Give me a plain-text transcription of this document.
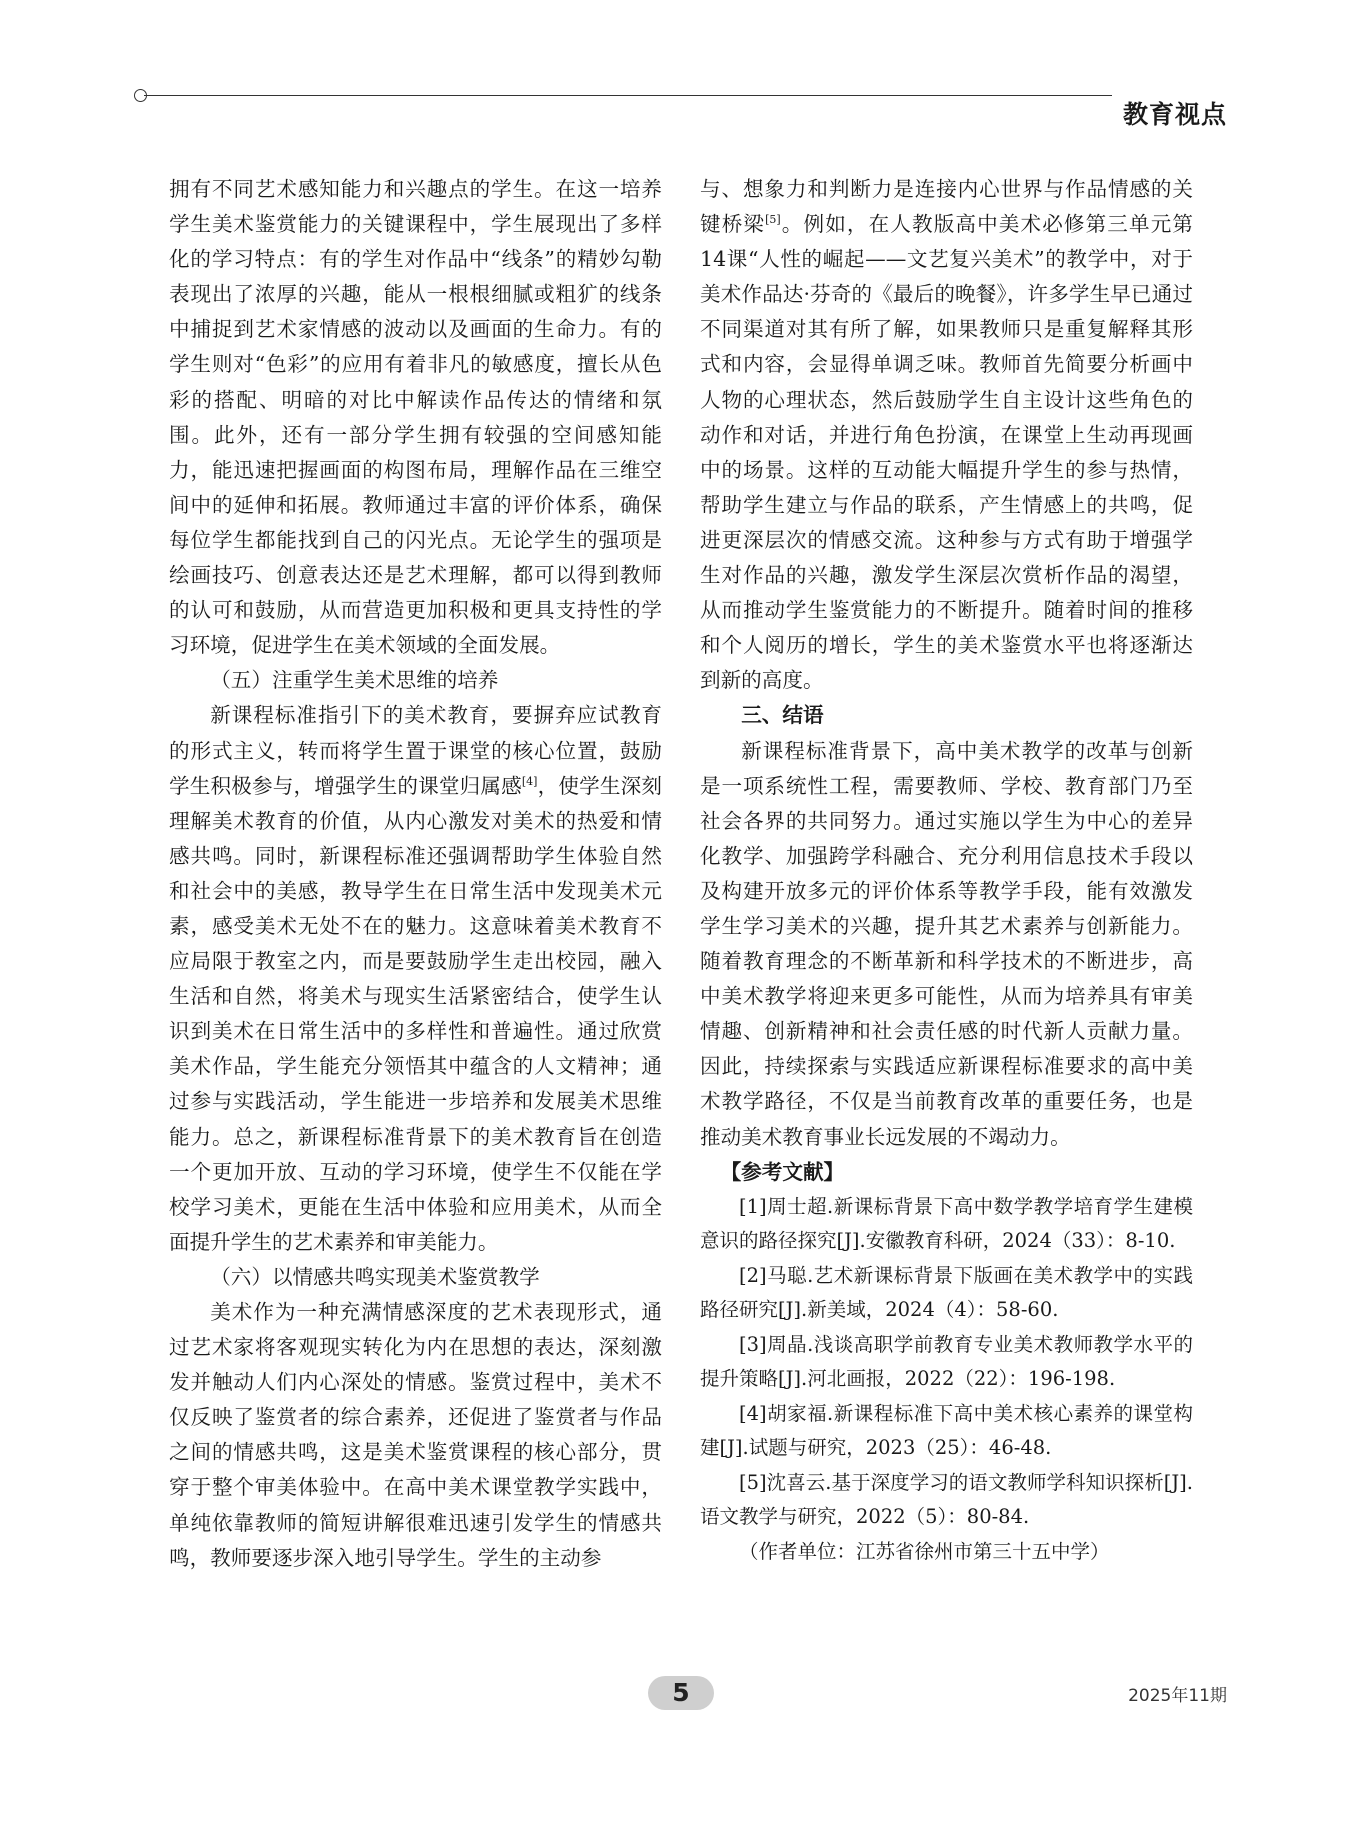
教育视点

拥有不同艺术感知能力和兴趣点的学生。在这一培养学生美术鉴赏能力的关键课程中，学生展现出了多样化的学习特点：有的学生对作品中“线条”的精妙勾勒表现出了浓厚的兴趣，能从一根根细腻或粗犷的线条中捕捉到艺术家情感的波动以及画面的生命力。有的学生则对“色彩”的应用有着非凡的敏感度，擅长从色彩的搭配、明暗的对比中解读作品传达的情绪和氛围。此外，还有一部分学生拥有较强的空间感知能力，能迅速把握画面的构图布局，理解作品在三维空间中的延伸和拓展。教师通过丰富的评价体系，确保每位学生都能找到自己的闪光点。无论学生的强项是绘画技巧、创意表达还是艺术理解，都可以得到教师的认可和鼓励，从而营造更加积极和更具支持性的学习环境，促进学生在美术领域的全面发展。

（五）注重学生美术思维的培养

新课程标准指引下的美术教育，要摒弃应试教育的形式主义，转而将学生置于课堂的核心位置，鼓励学生积极参与，增强学生的课堂归属感[4]，使学生深刻理解美术教育的价值，从内心激发对美术的热爱和情感共鸣。同时，新课程标准还强调帮助学生体验自然和社会中的美感，教导学生在日常生活中发现美术元素，感受美术无处不在的魅力。这意味着美术教育不应局限于教室之内，而是要鼓励学生走出校园，融入生活和自然，将美术与现实生活紧密结合，使学生认识到美术在日常生活中的多样性和普遍性。通过欣赏美术作品，学生能充分领悟其中蕴含的人文精神；通过参与实践活动，学生能进一步培养和发展美术思维能力。总之，新课程标准背景下的美术教育旨在创造一个更加开放、互动的学习环境，使学生不仅能在学校学习美术，更能在生活中体验和应用美术，从而全面提升学生的艺术素养和审美能力。

（六）以情感共鸣实现美术鉴赏教学

美术作为一种充满情感深度的艺术表现形式，通过艺术家将客观现实转化为内在思想的表达，深刻激发并触动人们内心深处的情感。鉴赏过程中，美术不仅反映了鉴赏者的综合素养，还促进了鉴赏者与作品之间的情感共鸣，这是美术鉴赏课程的核心部分，贯穿于整个审美体验中。在高中美术课堂教学实践中，单纯依靠教师的简短讲解很难迅速引发学生的情感共鸣，教师要逐步深入地引导学生。学生的主动参

与、想象力和判断力是连接内心世界与作品情感的关键桥梁[5]。例如，在人教版高中美术必修第三单元第14课“人性的崛起——文艺复兴美术”的教学中，对于美术作品达·芬奇的《最后的晚餐》，许多学生早已通过不同渠道对其有所了解，如果教师只是重复解释其形式和内容，会显得单调乏味。教师首先简要分析画中人物的心理状态，然后鼓励学生自主设计这些角色的动作和对话，并进行角色扮演，在课堂上生动再现画中的场景。这样的互动能大幅提升学生的参与热情，帮助学生建立与作品的联系，产生情感上的共鸣，促进更深层次的情感交流。这种参与方式有助于增强学生对作品的兴趣，激发学生深层次赏析作品的渴望，从而推动学生鉴赏能力的不断提升。随着时间的推移和个人阅历的增长，学生的美术鉴赏水平也将逐渐达到新的高度。

三、结语

新课程标准背景下，高中美术教学的改革与创新是一项系统性工程，需要教师、学校、教育部门乃至社会各界的共同努力。通过实施以学生为中心的差异化教学、加强跨学科融合、充分利用信息技术手段以及构建开放多元的评价体系等教学手段，能有效激发学生学习美术的兴趣，提升其艺术素养与创新能力。随着教育理念的不断革新和科学技术的不断进步，高中美术教学将迎来更多可能性，从而为培养具有审美情趣、创新精神和社会责任感的时代新人贡献力量。因此，持续探索与实践适应新课程标准要求的高中美术教学路径，不仅是当前教育改革的重要任务，也是推动美术教育事业长远发展的不竭动力。

【参考文献】

[1]周士超.新课标背景下高中数学教学培育学生建模意识的路径探究[J].安徽教育科研，2024（33）：8-10.

[2]马聪.艺术新课标背景下版画在美术教学中的实践路径研究[J].新美域，2024（4）：58-60.

[3]周晶.浅谈高职学前教育专业美术教师教学水平的提升策略[J].河北画报，2022（22）：196-198.

[4]胡家福.新课程标准下高中美术核心素养的课堂构建[J].试题与研究，2023（25）：46-48.

[5]沈喜云.基于深度学习的语文教师学科知识探析[J].语文教学与研究，2022（5）：80-84.

（作者单位：江苏省徐州市第三十五中学）

5	2025年11期
